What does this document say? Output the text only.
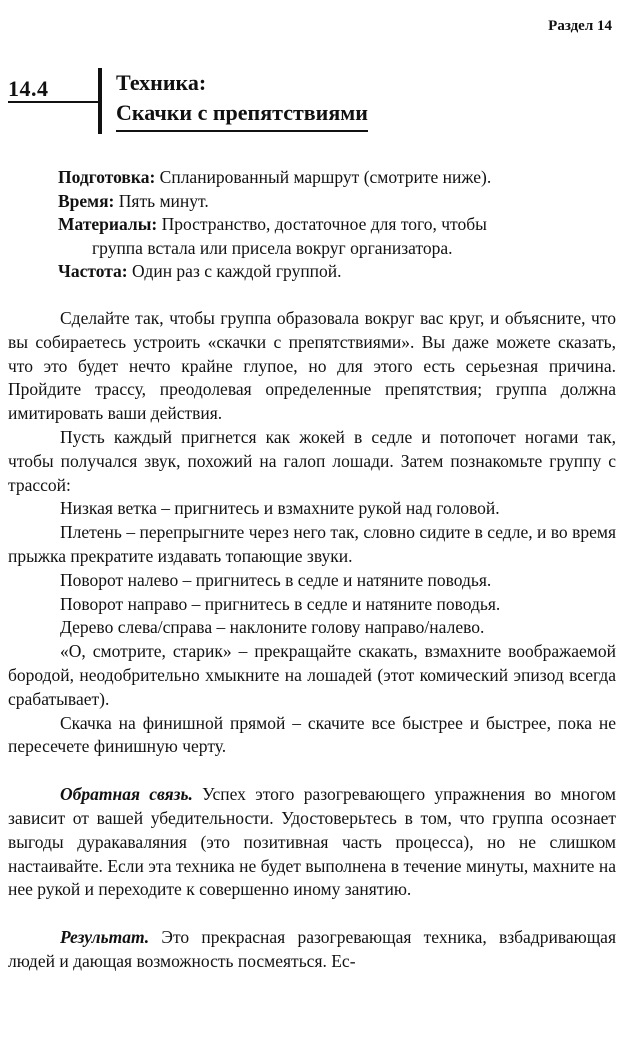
Раздел 14
14.4	Техника:
Скачки с препятствиями

Подготовка: Спланированный маршрут (смотрите ниже).

Время: Пять минут.

Материалы: Пространство, достаточное для того, чтобы

группа встала или присела вокруг организатора.

Частота: Один раз с каждой группой.

Сделайте так, чтобы группа образовала вокруг вас круг, и объясните, что вы собираетесь устроить «скачки с препятствиями». Вы даже можете сказать, что это будет нечто крайне глупое, но для этого есть серьезная причина. Пройдите трассу, преодолевая определенные препятствия; группа должна имитировать ваши действия.

Пусть каждый пригнется как жокей в седле и потопочет ногами так, чтобы получался звук, похожий на галоп лошади. Затем познакомьте группу с трассой:

Низкая ветка – пригнитесь и взмахните рукой над головой.

Плетень – перепрыгните через него так, словно сидите в седле, и во время прыжка прекратите издавать топающие звуки.

Поворот налево – пригнитесь в седле и натяните поводья.

Поворот направо – пригнитесь в седле и натяните поводья.

Дерево слева/справа – наклоните голову направо/налево.

«О, смотрите, старик» – прекращайте скакать, взмахните воображаемой бородой, неодобрительно хмыкните на лошадей (этот комический эпизод всегда срабатывает).

Скачка на финишной прямой – скачите все быстрее и быстрее, пока не пересечете финишную черту.

Обратная связь. Успех этого разогревающего упражнения во многом зависит от вашей убедительности. Удостоверьтесь в том, что группа осознает выгоды дуракаваляния (это позитивная часть процесса), но не слишком настаивайте. Если эта техника не будет выполнена в течение минуты, махните на нее рукой и переходите к совершенно иному занятию.

Результат. Это прекрасная разогревающая техника, взбадривающая людей и дающая возможность посмеяться. Ес-
